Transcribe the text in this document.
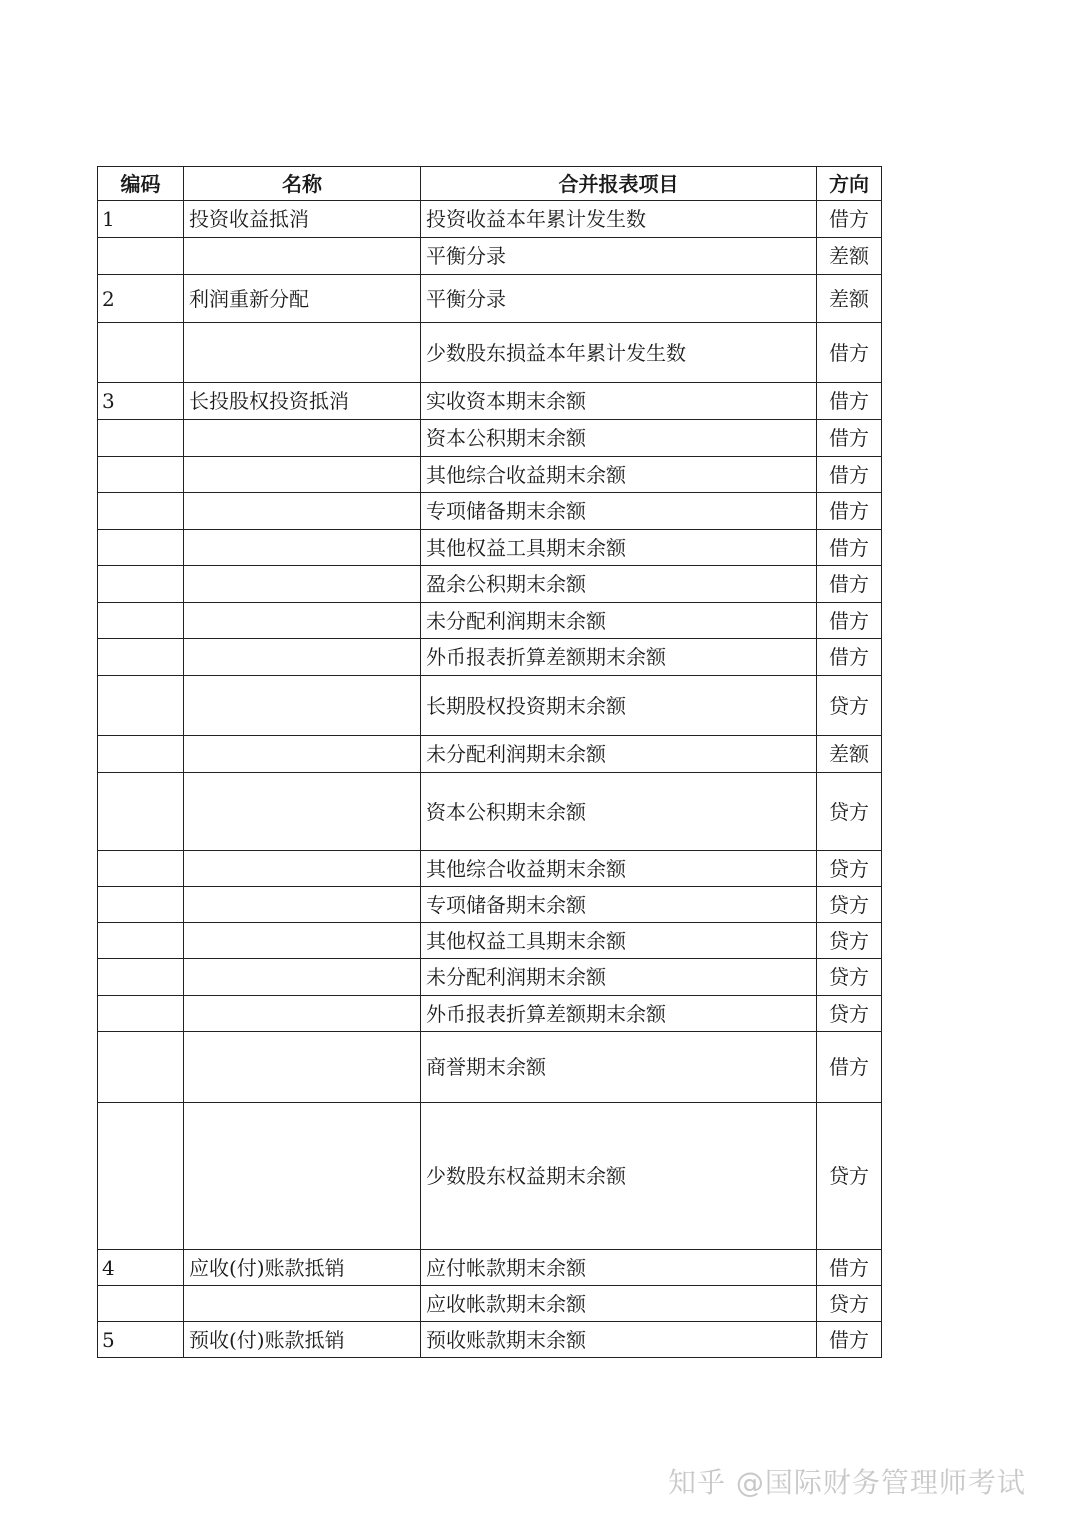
编码	名称	合并报表项目	方向
1	投资收益抵消	投资收益本年累计发生数	借方
		平衡分录	差额
2	利润重新分配	平衡分录	差额
		少数股东损益本年累计发生数	借方
3	长投股权投资抵消	实收资本期末余额	借方
		资本公积期末余额	借方
		其他综合收益期末余额	借方
		专项储备期末余额	借方
		其他权益工具期末余额	借方
		盈余公积期末余额	借方
		未分配利润期末余额	借方
		外币报表折算差额期末余额	借方
		长期股权投资期末余额	贷方
		未分配利润期末余额	差额
		资本公积期末余额	贷方
		其他综合收益期末余额	贷方
		专项储备期末余额	贷方
		其他权益工具期末余额	贷方
		未分配利润期末余额	贷方
		外币报表折算差额期末余额	贷方
		商誉期末余额	借方
		少数股东权益期末余额	贷方
4	应收(付)账款抵销	应付帐款期末余额	借方
		应收帐款期末余额	贷方
5	预收(付)账款抵销	预收账款期末余额	借方
知乎 @国际财务管理师考试
